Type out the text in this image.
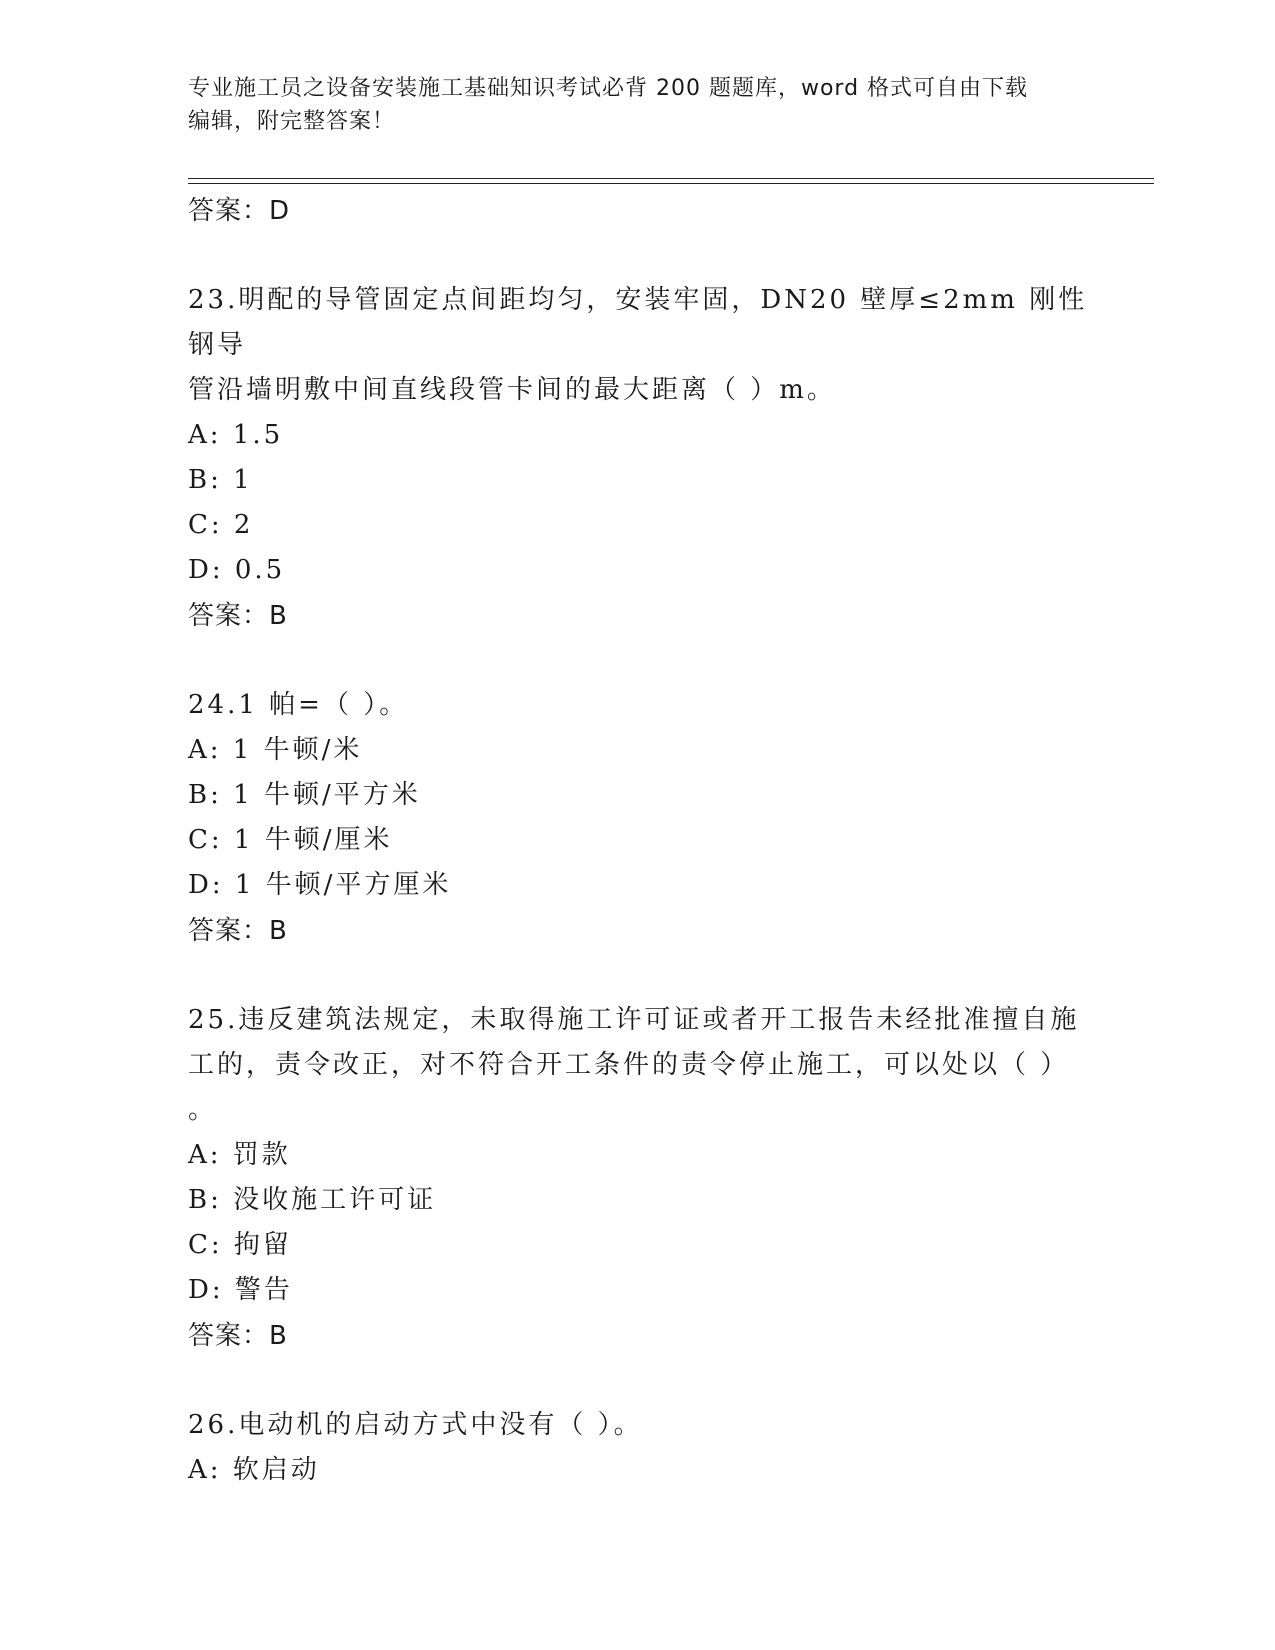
专业施工员之设备安装施工基础知识考试必背 200 题题库，word 格式可自由下载
编辑，附完整答案！

答案：D

23.明配的导管固定点间距均匀，安装牢固，DN20 壁厚≤2mm 刚性钢导

管沿墙明敷中间直线段管卡间的最大距离（ ）m。

A: 1.5

B: 1

C: 2

D: 0.5

答案：B

24.1 帕=（ ）。

A: 1 牛顿/米

B: 1 牛顿/平方米

C: 1 牛顿/厘米

D: 1 牛顿/平方厘米

答案：B

25.违反建筑法规定，未取得施工许可证或者开工报告未经批准擅自施

工的，责令改正，对不符合开工条件的责令停止施工，可以处以（ ）

。

A: 罚款

B: 没收施工许可证

C: 拘留

D: 警告

答案：B

26.电动机的启动方式中没有（ ）。

A: 软启动
